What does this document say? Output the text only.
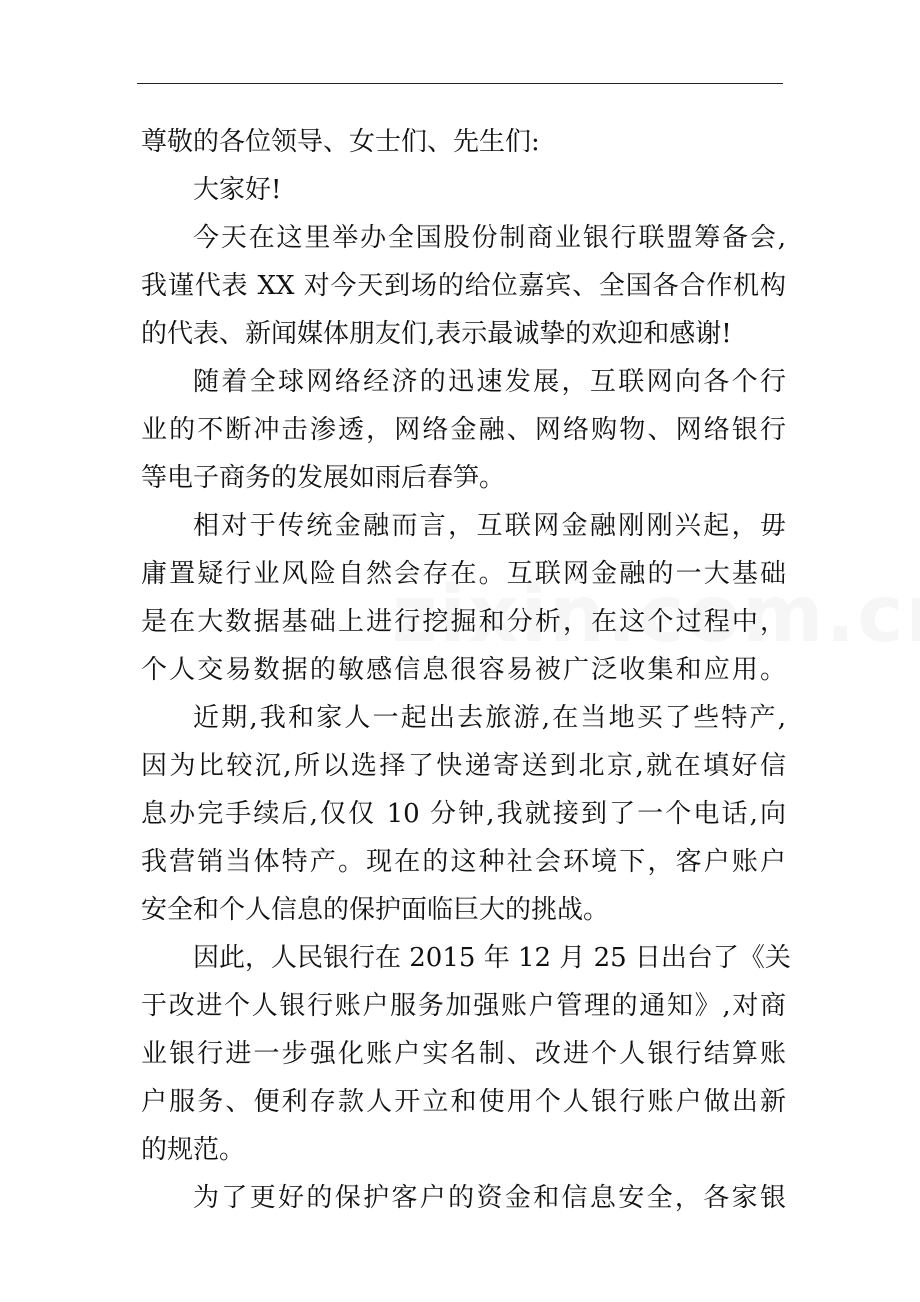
尊敬的各位领导、女士们、先生们:
大家好!
今天在这里举办全国股份制商业银行联盟筹备会,
我谨代表 XX 对今天到场的给位嘉宾、全国各合作机构
的代表、新闻媒体朋友们,表示最诚挚的欢迎和感谢!
随着全球网络经济的迅速发展，互联网向各个行
业的不断冲击渗透，网络金融、网络购物、网络银行
等电子商务的发展如雨后春笋。
相对于传统金融而言，互联网金融刚刚兴起，毋
庸置疑行业风险自然会存在。互联网金融的一大基础
是在大数据基础上进行挖掘和分析，在这个过程中，
个人交易数据的敏感信息很容易被广泛收集和应用。
近期,我和家人一起出去旅游,在当地买了些特产,
因为比较沉,所以选择了快递寄送到北京,就在填好信
息办完手续后,仅仅 10 分钟,我就接到了一个电话,向
我营销当体特产。现在的这种社会环境下，客户账户
安全和个人信息的保护面临巨大的挑战。
因此，人民银行在 2015 年 12 月 25 日出台了《关
于改进个人银行账户服务加强账户管理的通知》,对商
业银行进一步强化账户实名制、改进个人银行结算账
户服务、便利存款人开立和使用个人银行账户做出新
的规范。
为了更好的保护客户的资金和信息安全，各家银
